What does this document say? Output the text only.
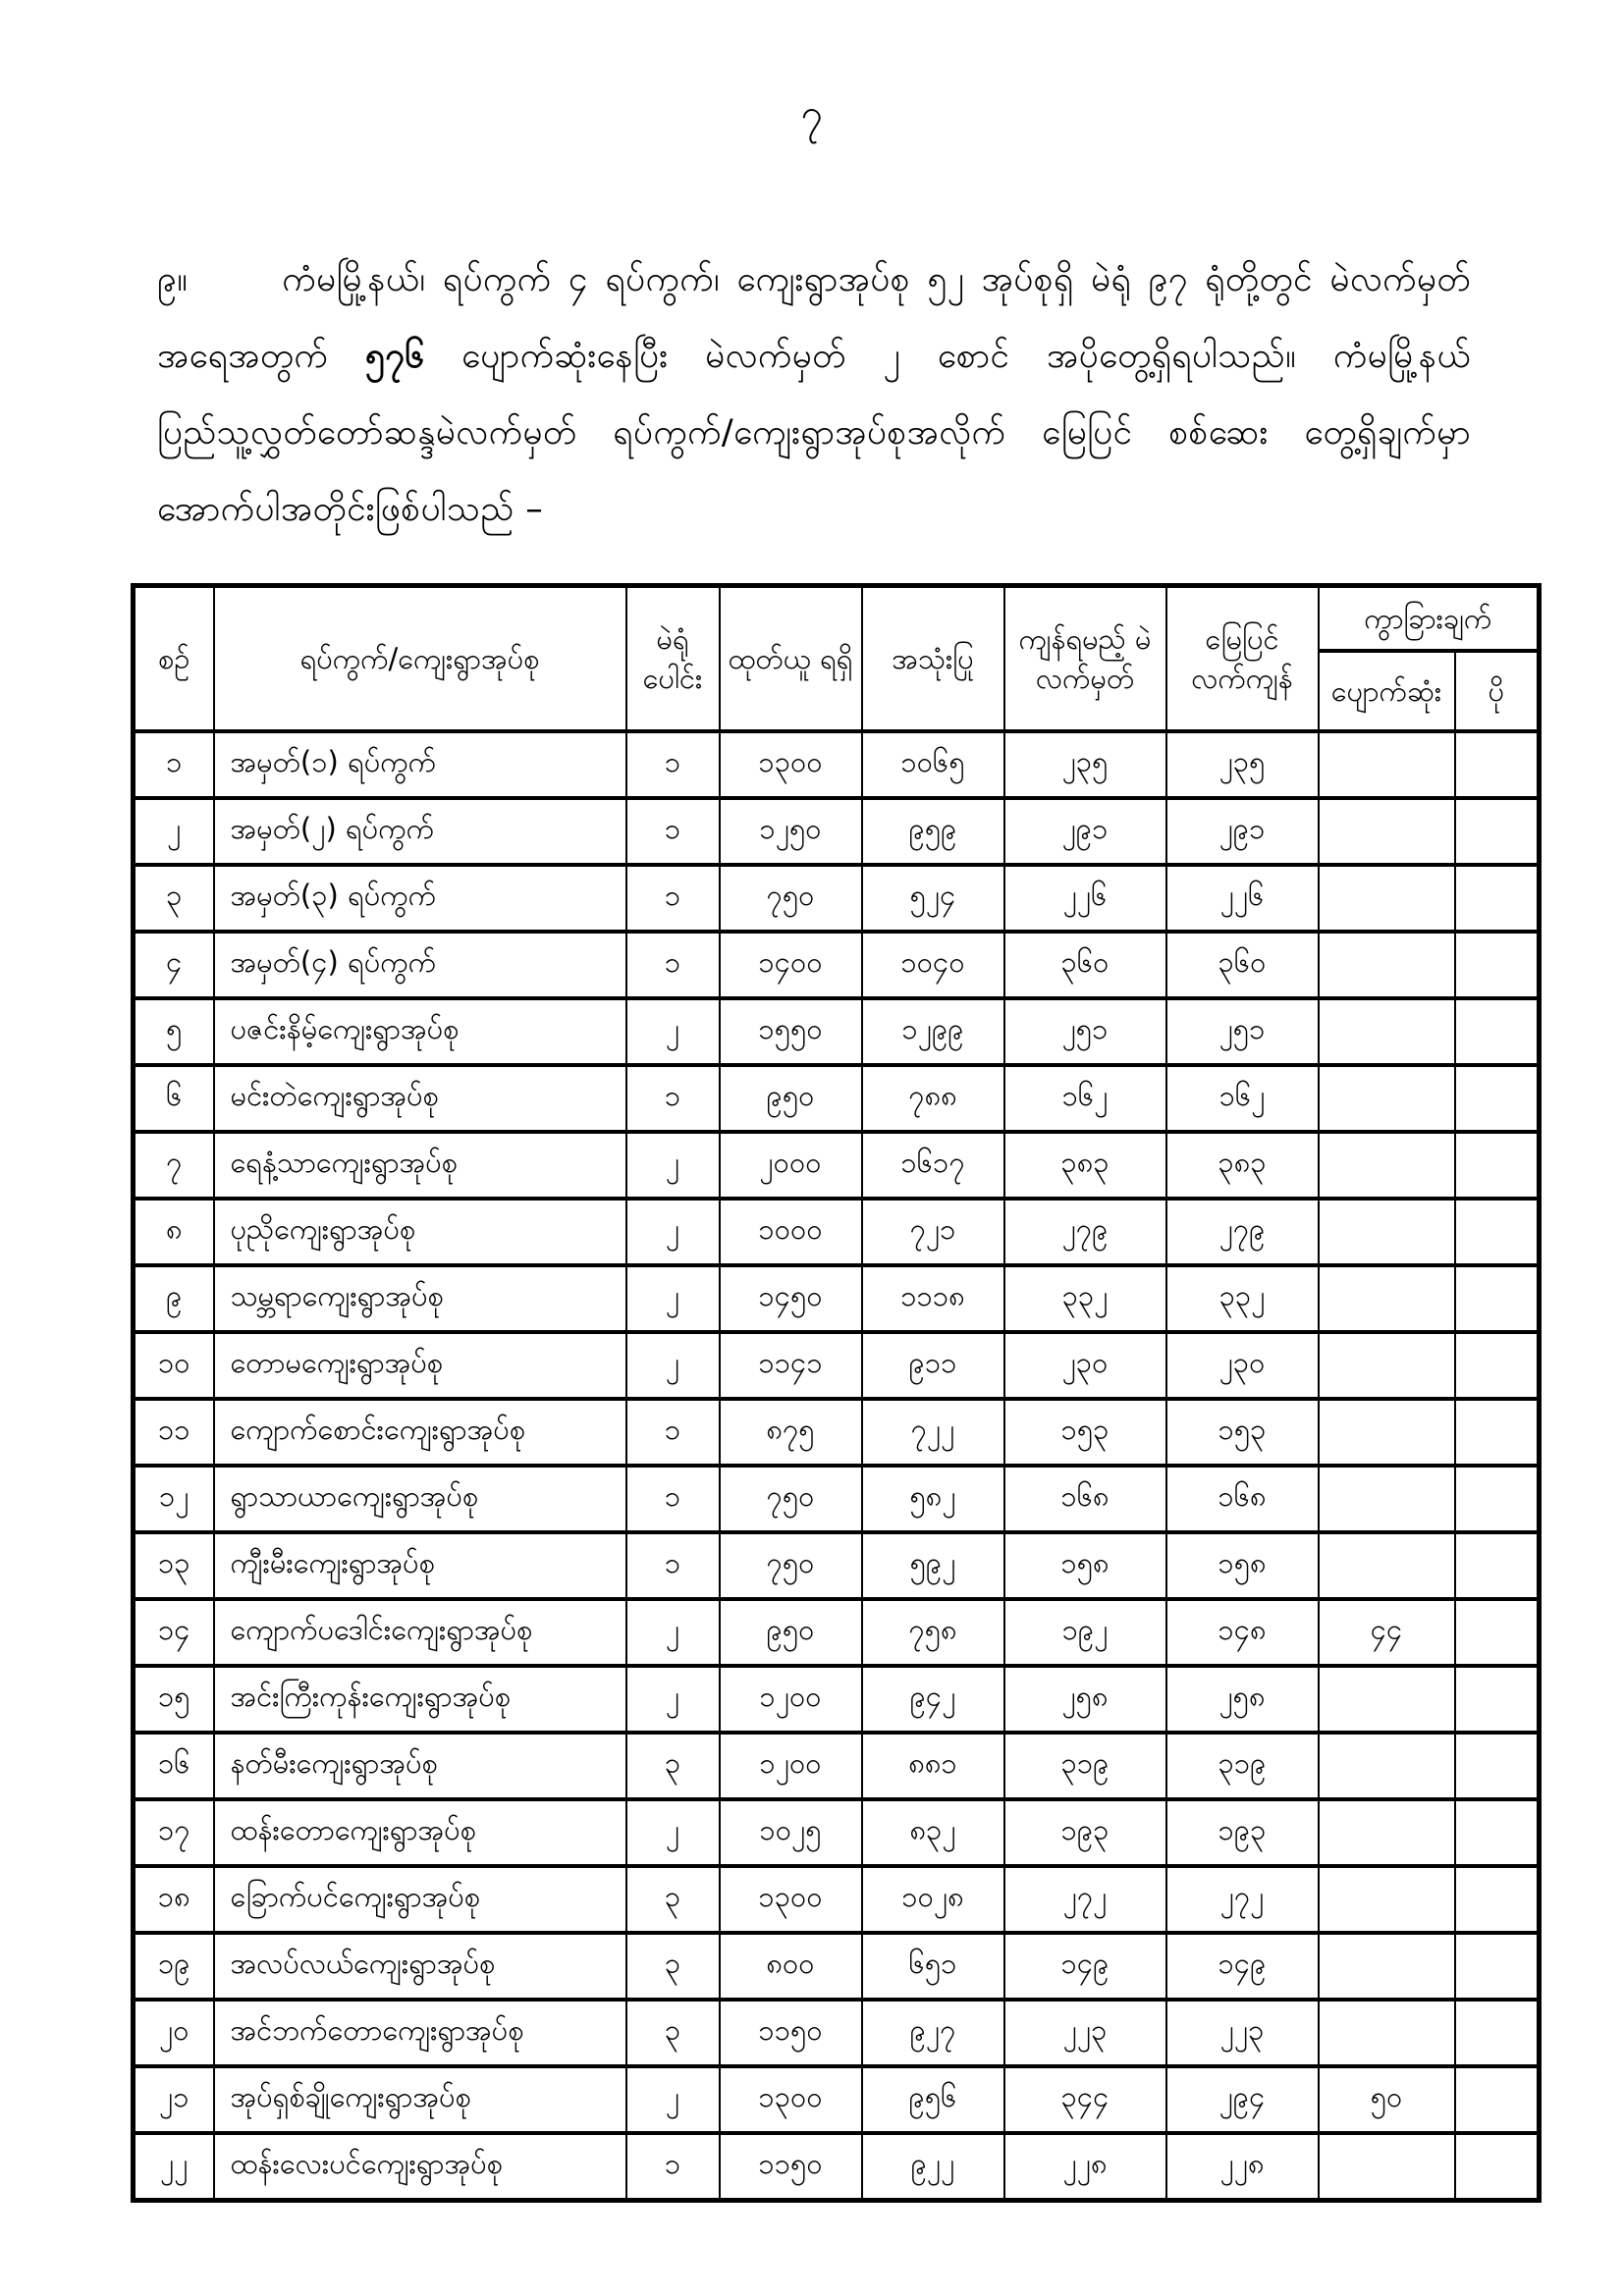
၇
၉။	ကံမမြို့နယ်၊ ရပ်ကွက် ၄ ရပ်ကွက်၊ ကျေးရွာအုပ်စု ၅၂ အုပ်စုရှိ မဲရုံ ၉၇ ရုံတို့တွင် မဲလက်မှတ် အရေအတွက် ၅၇၆ ပျောက်ဆုံးနေပြီး မဲလက်မှတ် ၂ စောင် အပိုတွေ့ရှိရပါသည်။ ကံမမြို့နယ် ပြည်သူ့လွှတ်တော်ဆန္ဒမဲလက်မှတ် ရပ်ကွက်/ကျေးရွာအုပ်စုအလိုက် မြေပြင် စစ်ဆေး တွေ့ရှိချက်မှာ အောက်ပါအတိုင်းဖြစ်ပါသည် –
စဉ်	ရပ်ကွက်/ကျေးရွာအုပ်စု	မဲရုံ ပေါင်း	ထုတ်ယူ ရရှိ	အသုံးပြု	ကျန်ရမည့် မဲလက်မှတ်	မြေပြင် လက်ကျန်	ကွာခြားချက်	
							ပျောက်ဆုံး	ပို
၁	အမှတ်(၁) ရပ်ကွက်	၁	၁၃၀၀	၁၀၆၅	၂၃၅	၂၃၅		
၂	အမှတ်(၂) ရပ်ကွက်	၁	၁၂၅၀	၉၅၉	၂၉၁	၂၉၁		
၃	အမှတ်(၃) ရပ်ကွက်	၁	၇၅၀	၅၂၄	၂၂၆	၂၂၆		
၄	အမှတ်(၄) ရပ်ကွက်	၁	၁၄၀၀	၁၀၄၀	၃၆၀	၃၆၀		
၅	ပဇင်းနိမ့်ကျေးရွာအုပ်စု	၂	၁၅၅၀	၁၂၉၉	၂၅၁	၂၅၁		
၆	မင်းတဲကျေးရွာအုပ်စု	၁	၉၅၀	၇၈၈	၁၆၂	၁၆၂		
၇	ရေနံ့သာကျေးရွာအုပ်စု	၂	၂၀၀၀	၁၆၁၇	၃၈၃	၃၈၃		
၈	ပုညိုကျေးရွာအုပ်စု	၂	၁၀၀၀	၇၂၁	၂၇၉	၂၇၉		
၉	သမ္ဘရာကျေးရွာအုပ်စု	၂	၁၄၅၀	၁၁၁၈	၃၃၂	၃၃၂		
၁၀	တောမကျေးရွာအုပ်စု	၂	၁၁၄၁	၉၁၁	၂၃၀	၂၃၀		
၁၁	ကျောက်စောင်းကျေးရွာအုပ်စု	၁	၈၇၅	၇၂၂	၁၅၃	၁၅၃		
၁၂	ရွာသာယာကျေးရွာအုပ်စု	၁	၇၅၀	၅၈၂	၁၆၈	၁၆၈		
၁၃	ကျီးမီးကျေးရွာအုပ်စု	၁	၇၅၀	၅၉၂	၁၅၈	၁၅၈		
၁၄	ကျောက်ပဒေါင်းကျေးရွာအုပ်စု	၂	၉၅၀	၇၅၈	၁၉၂	၁၄၈	၄၄	
၁၅	အင်းကြီးကုန်းကျေးရွာအုပ်စု	၂	၁၂၀၀	၉၄၂	၂၅၈	၂၅၈		
၁၆	နတ်မီးကျေးရွာအုပ်စု	၃	၁၂၀၀	၈၈၁	၃၁၉	၃၁၉		
၁၇	ထန်းတောကျေးရွာအုပ်စု	၂	၁၀၂၅	၈၃၂	၁၉၃	၁၉၃		
၁၈	ခြောက်ပင်ကျေးရွာအုပ်စု	၃	၁၃၀၀	၁၀၂၈	၂၇၂	၂၇၂		
၁၉	အလပ်လယ်ကျေးရွာအုပ်စု	၃	၈၀၀	၆၅၁	၁၄၉	၁၄၉		
၂၀	အင်ဘက်တောကျေးရွာအုပ်စု	၃	၁၁၅၀	၉၂၇	၂၂၃	၂၂၃		
၂၁	အုပ်ရှစ်ချိုကျေးရွာအုပ်စု	၂	၁၃၀၀	၉၅၆	၃၄၄	၂၉၄	၅၀	
၂၂	ထန်းလေးပင်ကျေးရွာအုပ်စု	၁	၁၁၅၀	၉၂၂	၂၂၈	၂၂၈		
